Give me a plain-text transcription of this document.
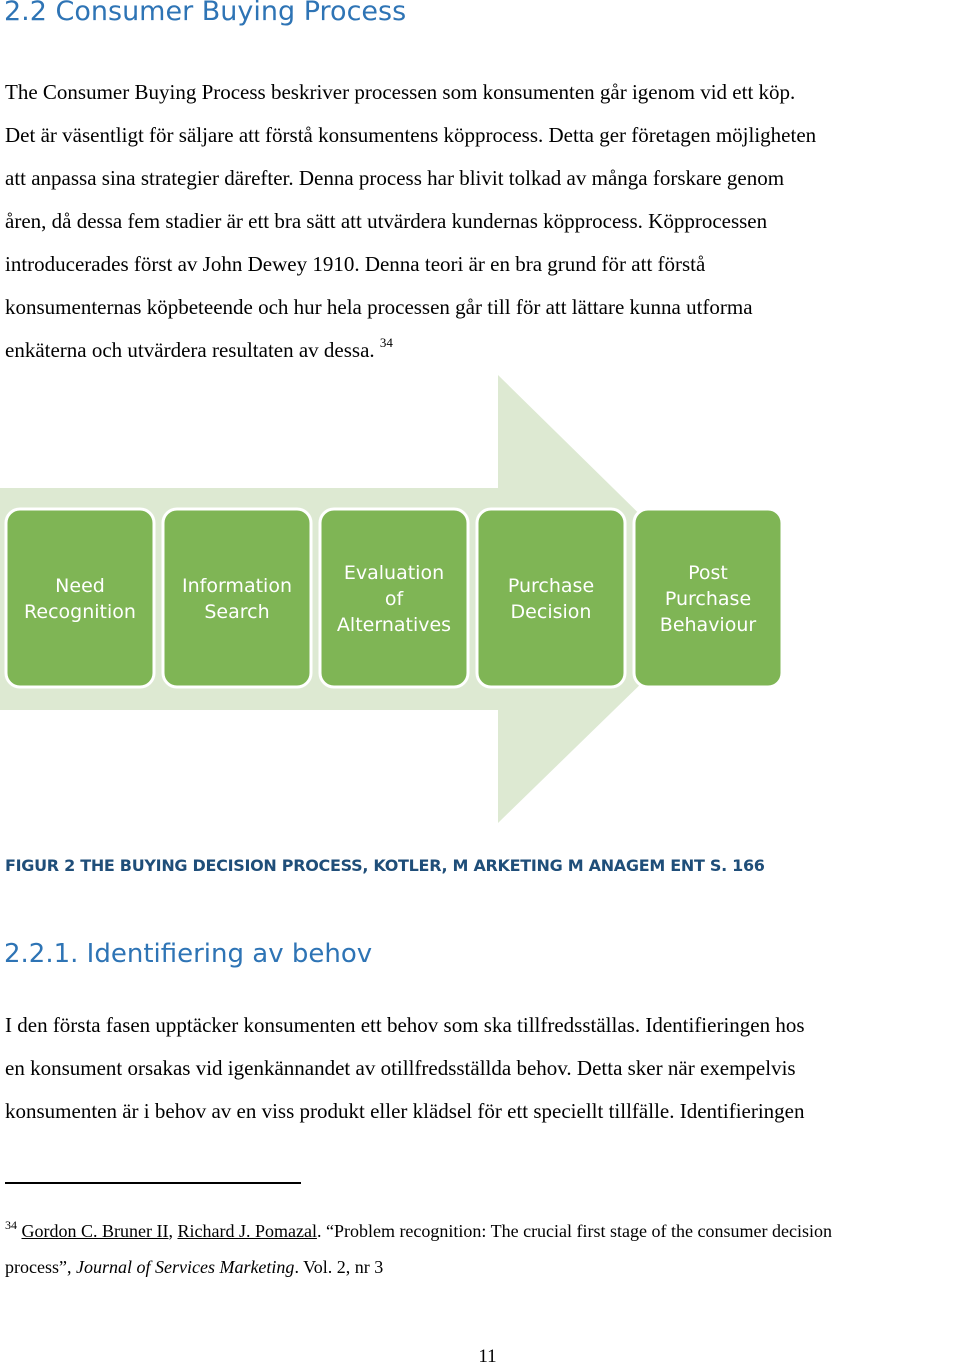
2.2 Consumer Buying Process

The Consumer Buying Process beskriver processen som konsumenten går igenom vid ett köp.
Det är väsentligt för säljare att förstå konsumentens köpprocess. Detta ger företagen möjligheten
att anpassa sina strategier därefter. Denna process har blivit tolkad av många forskare genom
åren, då dessa fem stadier är ett bra sätt att utvärdera kundernas köpprocess. Köpprocessen
introducerades först av John Dewey 1910. Denna teori är en bra grund för att förstå
konsumenternas köpbeteende och hur hela processen går till för att lättare kunna utforma
enkäterna och utvärdera resultaten av dessa. $^{34}$

Need
Recognition
Information
Search
Evaluation
of
Alternatives
Purchase
Decision
Post
Purchase
Behaviour

FIGUR 2 THE BUYING DECISION PROCESS, KOTLER, M ARKETING M ANAGEM ENT S. 166

2.2.1. Identifiering av behov

I den första fasen upptäcker konsumenten ett behov som ska tillfredsställas. Identifieringen hos
en konsument orsakas vid igenkännandet av otillfredsställda behov. Detta sker när exempelvis
konsumenten är i behov av en viss produkt eller klädsel för ett speciellt tillfälle. Identifieringen

$^{34}$ Gordon C. Bruner II, Richard J. Pomazal. “Problem recognition: The crucial first stage of the consumer decision
process”, Journal of Services Marketing. Vol. 2, nr 3

11
